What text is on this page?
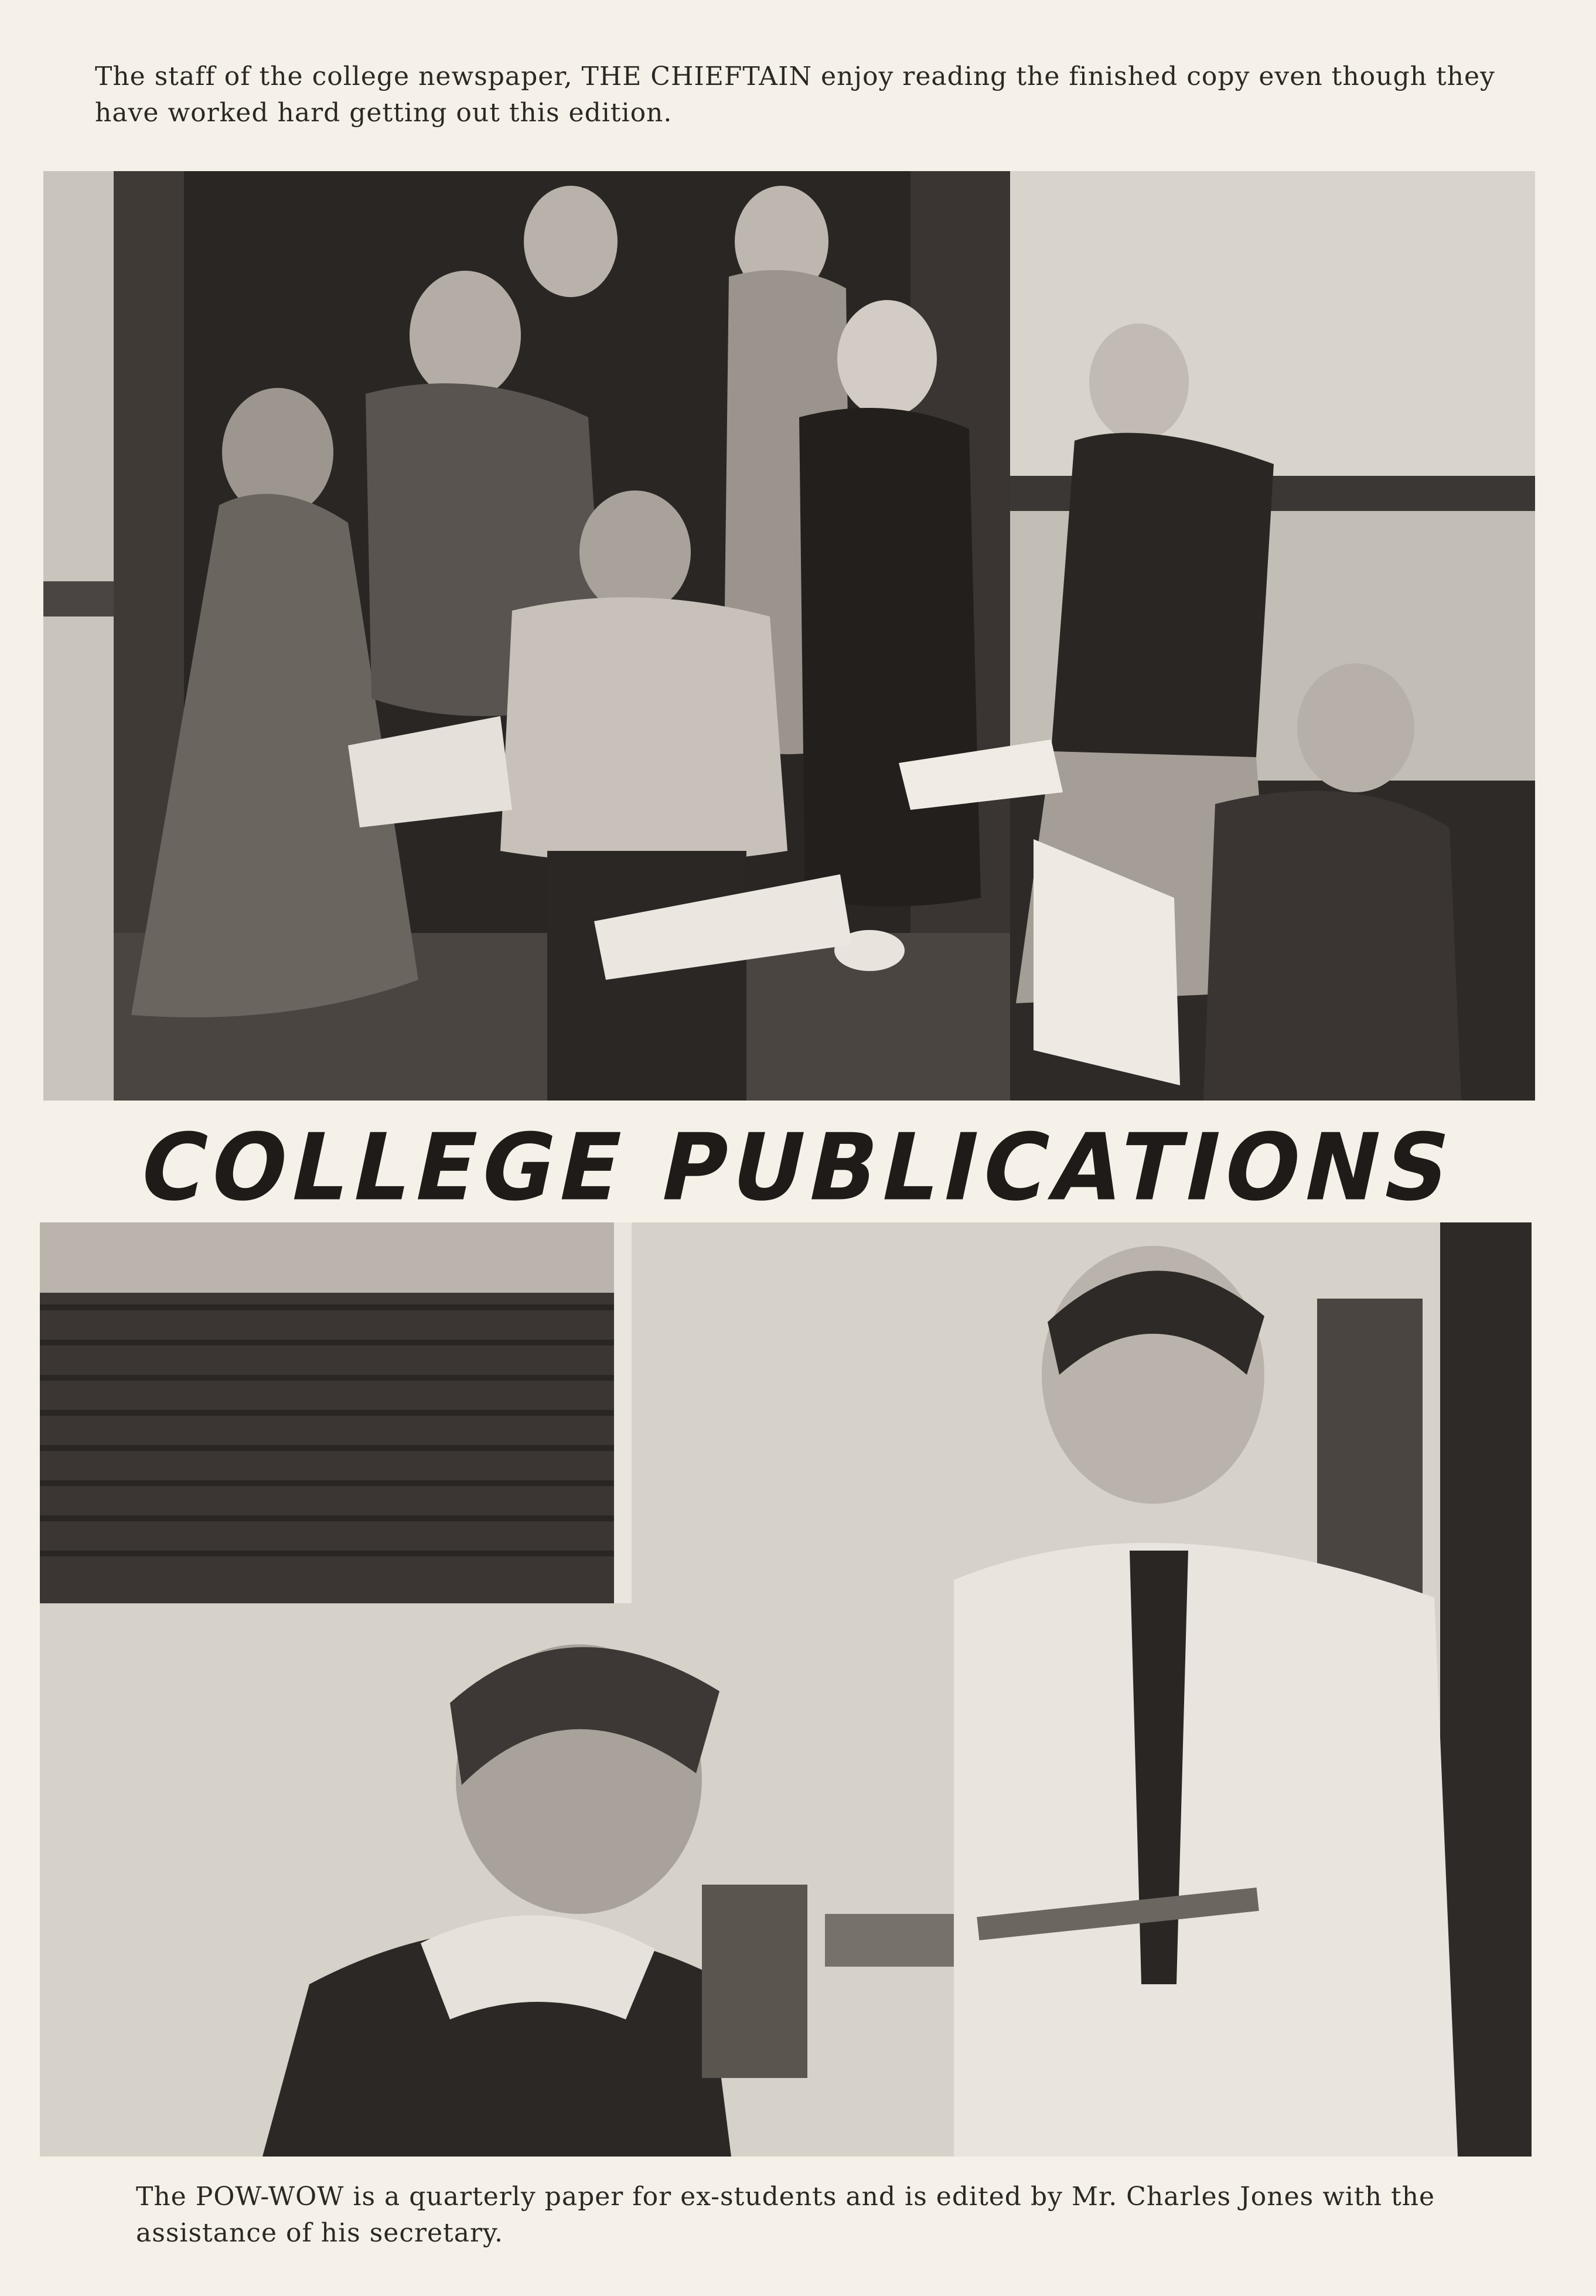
The staff of the college newspaper, THE CHIEFTAIN enjoy reading the finished copy even though they have worked hard getting out this edition.
COLLEGE PUBLICATIONS
The POW-WOW is a quarterly paper for ex-students and is edited by Mr. Charles Jones with the assistance of his secretary.
